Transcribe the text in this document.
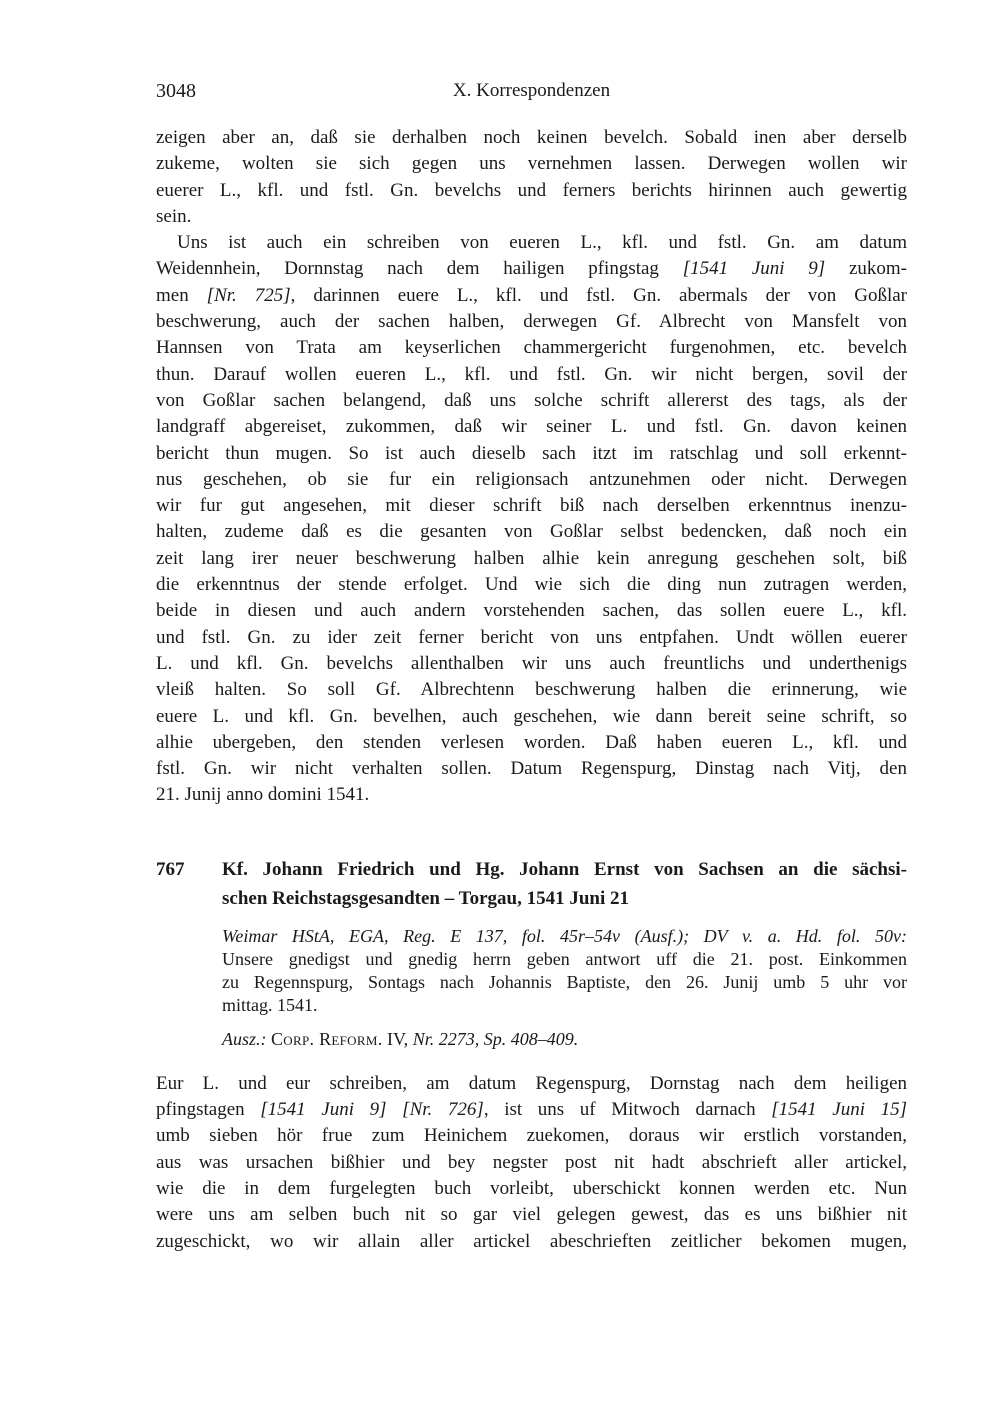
3048	X. Korrespondenzen
zeigen aber an, daß sie derhalben noch keinen bevelch. Sobald inen aber derselb
zukeme, wolten sie sich gegen uns vernehmen lassen. Derwegen wollen wir
euerer L., kfl. und fstl. Gn. bevelchs und ferners berichts hirinnen auch gewertig
sein.
Uns ist auch ein schreiben von eueren L., kfl. und fstl. Gn. am datum
Weidennhein, Dornnstag nach dem hailigen pfingstag [1541 Juni 9] zukom-
men [Nr. 725], darinnen euere L., kfl. und fstl. Gn. abermals der von Goßlar
beschwerung, auch der sachen halben, derwegen Gf. Albrecht von Mansfelt von
Hannsen von Trata am keyserlichen chammergericht furgenohmen, etc. bevelch
thun. Darauf wollen eueren L., kfl. und fstl. Gn. wir nicht bergen, sovil der
von Goßlar sachen belangend, daß uns solche schrift allererst des tags, als der
landgraff abgereiset, zukommen, daß wir seiner L. und fstl. Gn. davon keinen
bericht thun mugen. So ist auch dieselb sach itzt im ratschlag und soll erkennt-
nus geschehen, ob sie fur ein religionsach antzunehmen oder nicht. Derwegen
wir fur gut angesehen, mit dieser schrift biß nach derselben erkenntnus inenzu-
halten, zudeme daß es die gesanten von Goßlar selbst bedencken, daß noch ein
zeit lang irer neuer beschwerung halben alhie kein anregung geschehen solt, biß
die erkenntnus der stende erfolget. Und wie sich die ding nun zutragen werden,
beide in diesen und auch andern vorstehenden sachen, das sollen euere L., kfl.
und fstl. Gn. zu ider zeit ferner bericht von uns entpfahen. Undt wöllen euerer
L. und kfl. Gn. bevelchs allenthalben wir uns auch freuntlichs und underthenigs
vleiß halten. So soll Gf. Albrechtenn beschwerung halben die erinnerung, wie
euere L. und kfl. Gn. bevelhen, auch geschehen, wie dann bereit seine schrift, so
alhie ubergeben, den stenden verlesen worden. Daß haben eueren L., kfl. und
fstl. Gn. wir nicht verhalten sollen. Datum Regenspurg, Dinstag nach Vitj, den
21. Junij anno domini 1541.
767 Kf. Johann Friedrich und Hg. Johann Ernst von Sachsen an die sächsi-
schen Reichstagsgesandten – Torgau, 1541 Juni 21
Weimar HStA, EGA, Reg. E 137, fol. 45r–54v (Ausf.); DV v. a. Hd. fol. 50v:
Unsere gnedigst und gnedig herrn geben antwort uff die 21. post. Einkommen
zu Regennspurg, Sontags nach Johannis Baptiste, den 26. Junij umb 5 uhr vor
mittag. 1541.
Ausz.: Corp. Reform. IV, Nr. 2273, Sp. 408–409.
Eur L. und eur schreiben, am datum Regenspurg, Dornstag nach dem heiligen
pfingstagen [1541 Juni 9] [Nr. 726], ist uns uf Mitwoch darnach [1541 Juni 15]
umb sieben hör frue zum Heinichem zuekomen, doraus wir erstlich vorstanden,
aus was ursachen bißhier und bey negster post nit hadt abschrieft aller artickel,
wie die in dem furgelegten buch vorleibt, uberschickt konnen werden etc. Nun
were uns am selben buch nit so gar viel gelegen gewest, das es uns bißhier nit
zugeschickt, wo wir allain aller artickel abeschrieften zeitlicher bekomen mugen,
